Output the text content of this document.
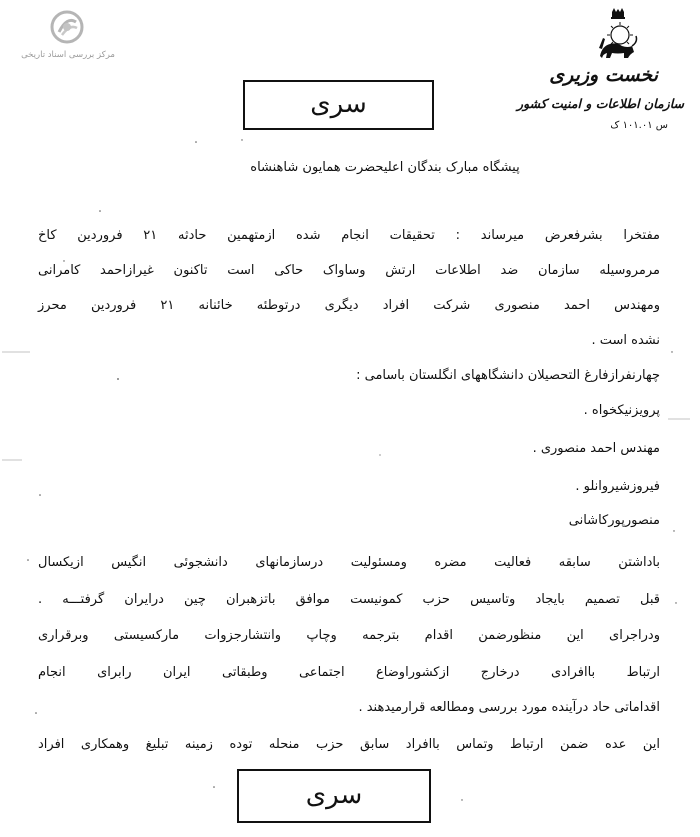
مرکز بررسی اسناد تاریخی
نخست وزیری
سازمان اطلاعات و امنیت کشور
س ۱۰۱.۰۱ ک
سری
پیشگاه مبارک بندگان اعلیحضرت همایون شاهنشاه
مفتخرا بشرفعرض میرساند : تحقیقات انجام شده ازمتهمین حادثه ۲۱ فروردین کاخ
مرمروسیله سازمان ضد اطلاعات ارتش وساواک حاکی است تاکنون غیرازاحمد کامرانی
ومهندس احمد منصوری شرکت افراد دیگری درتوطئه خائنانه ۲۱ فروردین محرز
نشده است .
چهارنفرازفارغ التحصیلان دانشگاههای انگلستان باسامی :
پرویزنیکخواه .
مهندس احمد منصوری .
فیروزشیروانلو .
منصورپورکاشانی
باداشتن سابقه فعالیت مضره ومسئولیت درسازمانهای دانشجوئی انگیس ازیکسال
قبل تصمیم بایجاد وتاسیس حزب کمونیست موافق باتزهبران چین درایران گرفتـــه .
ودراجرای این منظورضمن اقدام بترجمه وچاپ وانتشارجزوات مارکسیستی وبرقراری
ارتباط باافرادی درخارج ازکشوراوضاع اجتماعی وطبقاتی ایران رابرای انجام
اقداماتی حاد درآینده مورد بررسی ومطالعه قرارمیدهند .
این عده ضمن ارتباط وتماس باافراد سابق حزب منحله توده زمینه تبلیغ وهمکاری افراد
سری
